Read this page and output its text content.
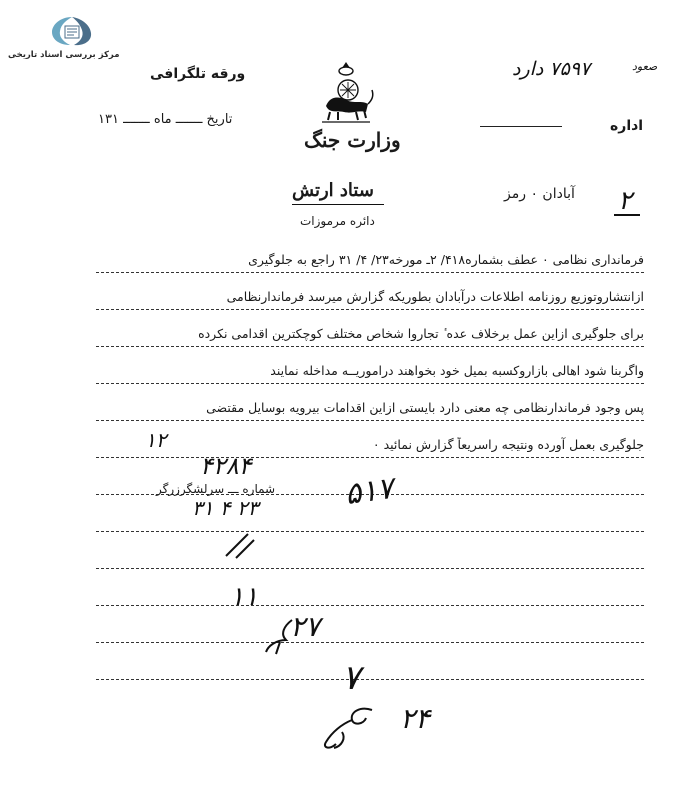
مرکز بررسی اسناد تاریخی
ورقه تلگرافی
تاریخ ـــــــ ماه ـــــــ ۱۳۱
وزارت جنگ
اداره
۷۵۹۷ دارد	صعود
ستاد ارتش
دائره مرموزات
آبادان ۰ رمز ۲
فرماندارى نظامى ۰ عطف بشماره۴۱۸/ ۲ـ مورخه۲۳/ ۴/ ۳۱ راجع به جلوگیرى
ازانتشاروتوزیع روزنامه اطلاعات درآبادان بطوریکه گزارش میرسد فرماندارنظامى
براى جلوگیرى ازاین عمل برخلاف عده ٔ تجاروا شخاص مختلف کوچکترین اقدامى نکرده
واگربنا شود اهالى بازاروکسبه بمیل خود بخواهند دراموریــه مداخله نمایند
پس وجود فرماندارنظامى چه معنى دارد بایستى ازاین اقدامات بیرویه بوسایل مقتضى
جلوگیرى بعمل آورده ونتیجه راسریعاً گزارش نمائید ۰
شماره ـــ سرلشگرزرگر
۱۲
۴۲۸۴
۵۱۷
۳۱ ۴ ۲۳
۱۱
۲۷
۷
۲۴
